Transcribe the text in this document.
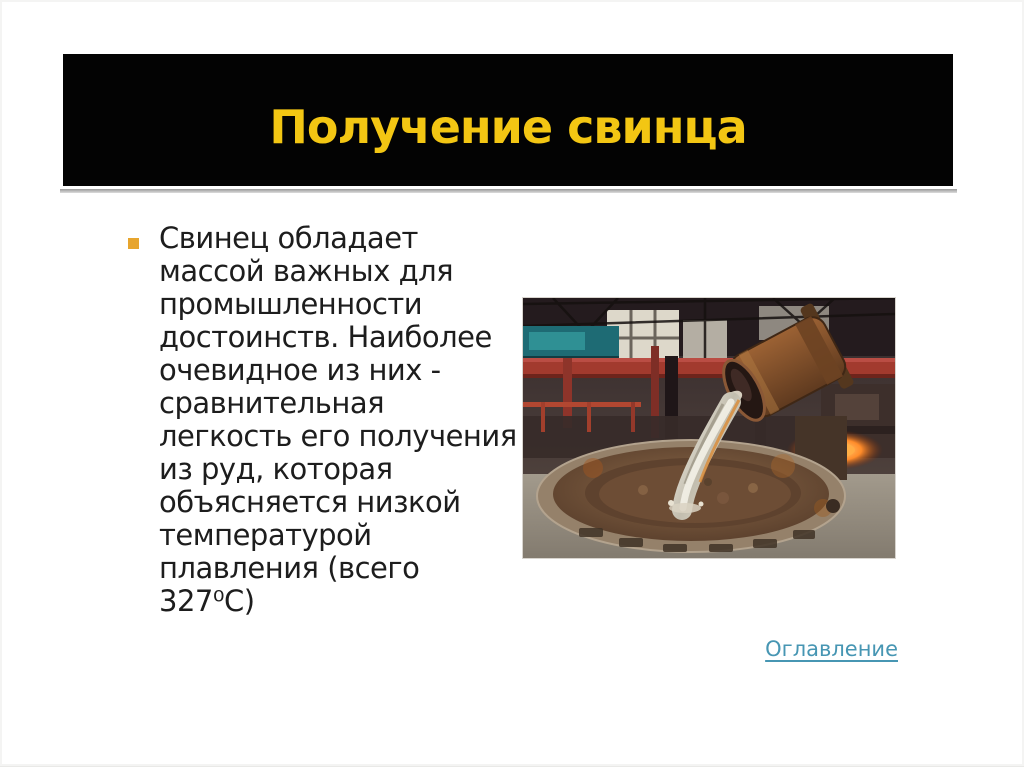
Получение свинца
Свинец обладает
массой важных для
промышленности
достоинств. Наиболее
очевидное из них -
сравнительная
легкость его получения
из руд, которая
объясняется низкой
температурой
плавления (всего
327⁰С)
Оглавление
